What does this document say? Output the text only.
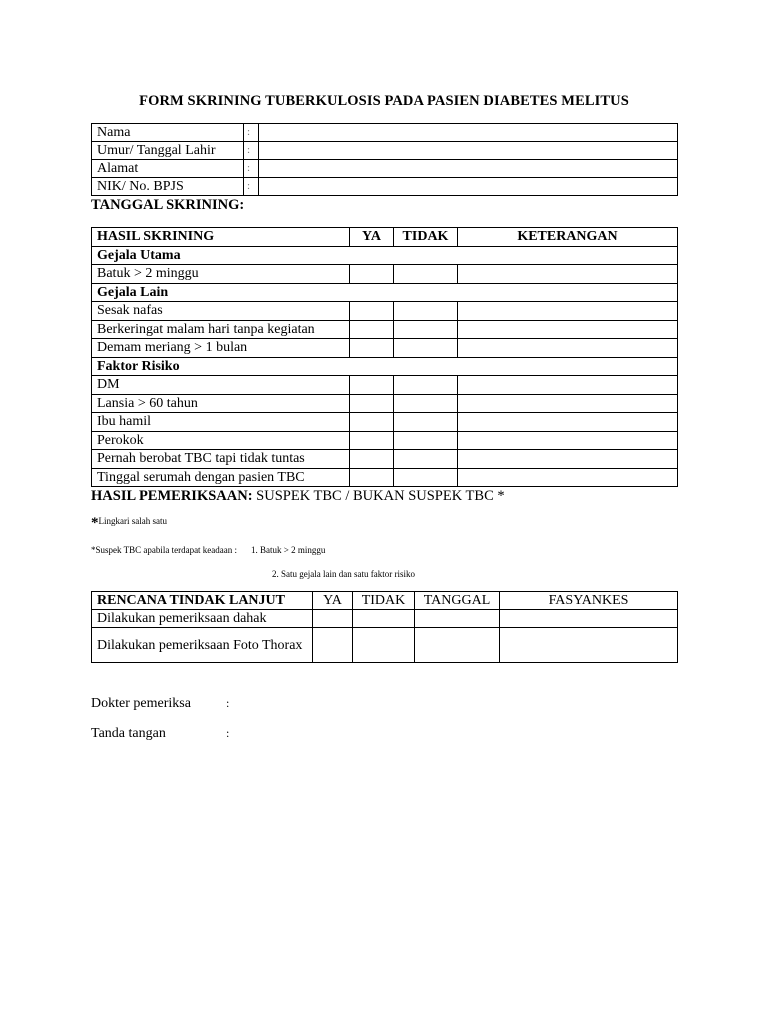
FORM SKRINING TUBERKULOSIS PADA PASIEN DIABETES MELITUS
Nama	:	
Umur/ Tanggal Lahir	:	
Alamat	:	
NIK/ No. BPJS	:	
TANGGAL SKRINING:
HASIL SKRINING	YA	TIDAK	KETERANGAN
Gejala Utama			
Batuk > 2 minggu			
Gejala Lain			
Sesak nafas			
Berkeringat malam hari tanpa kegiatan			
Demam meriang > 1 bulan			
Faktor Risiko			
DM			
Lansia > 60 tahun			
Ibu hamil			
Perokok			
Pernah berobat TBC tapi tidak tuntas			
Tinggal serumah dengan pasien TBC			
HASIL PEMERIKSAAN: SUSPEK TBC / BUKAN SUSPEK TBC *
*Lingkari salah satu
*Suspek TBC apabila terdapat keadaan : 1. Batuk > 2 minggu
2. Satu gejala lain dan satu faktor risiko
RENCANA TINDAK LANJUT	YA	TIDAK	TANGGAL	FASYANKES
Dilakukan pemeriksaan dahak				
Dilakukan pemeriksaan Foto Thorax				
Dokter pemeriksa	:
Tanda tangan	:
